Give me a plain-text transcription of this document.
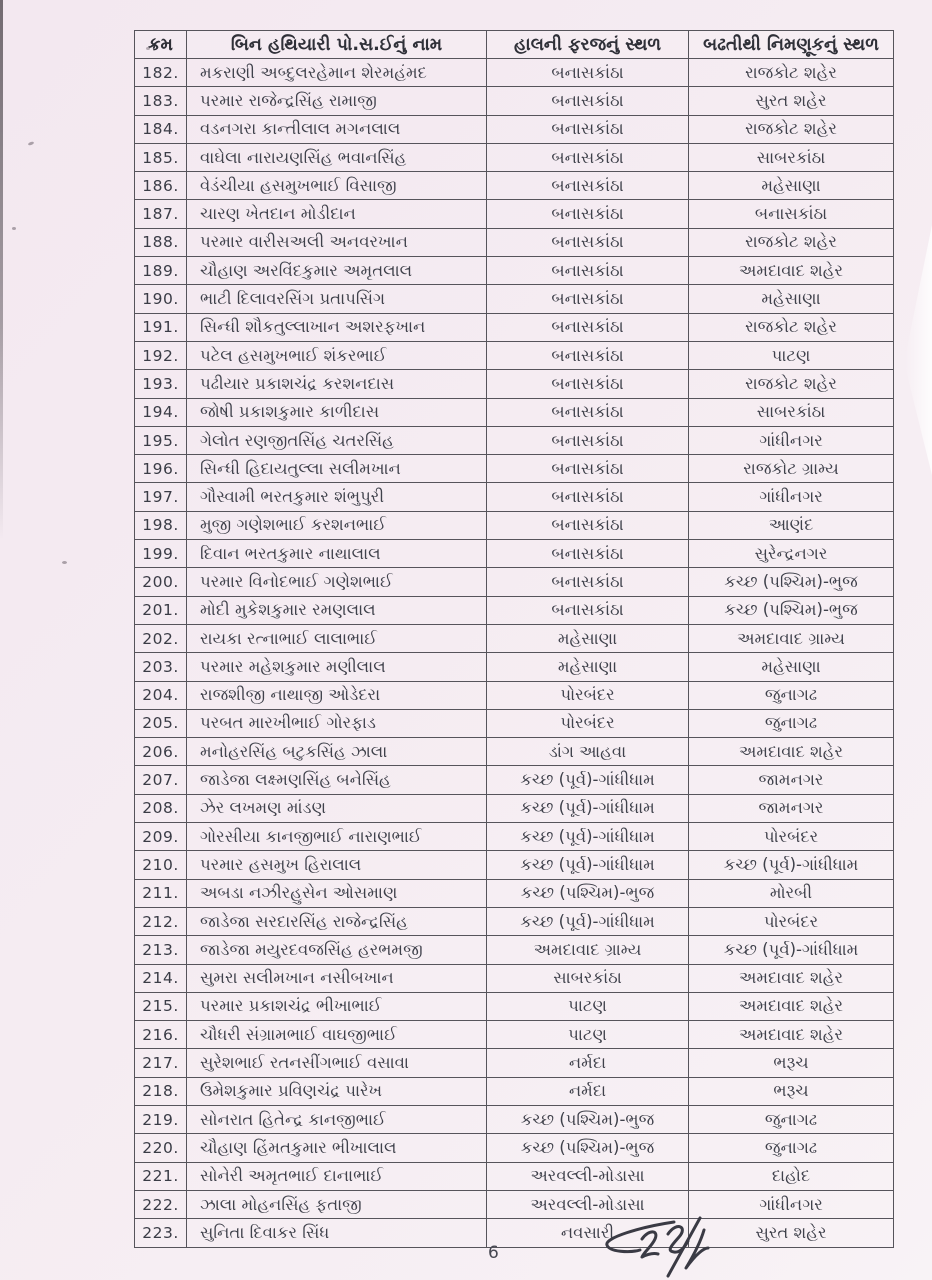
ક્રમ	બિન હથિયારી પો.સ.ઈનું નામ	હાલની ફરજનું સ્થળ	બઢતીથી નિમણૂકનું સ્થળ
182.	મકરાણી અબ્દુલરહેમાન શેરમહંમદ	બનાસકાંઠા	રાજકોટ શહેર
183.	પરમાર રાજેન્દ્રસિંહ રામાજી	બનાસકાંઠા	સુરત શહેર
184.	વડનગરા કાન્તીલાલ મગનલાલ	બનાસકાંઠા	રાજકોટ શહેર
185.	વાઘેલા નારાયણસિંહ ભવાનસિંહ	બનાસકાંઠા	સાબરકાંઠા
186.	વેડંચીયા હસમુખભાઈ વિસાજી	બનાસકાંઠા	મહેસાણા
187.	ચારણ ખેતદાન મોડીદાન	બનાસકાંઠા	બનાસકાંઠા
188.	પરમાર વારીસઅલી અનવરખાન	બનાસકાંઠા	રાજકોટ શહેર
189.	ચૌહાણ અરવિંદકુમાર અમૃતલાલ	બનાસકાંઠા	અમદાવાદ શહેર
190.	ભાટી દિલાવરસિંગ પ્રતાપસિંગ	બનાસકાંઠા	મહેસાણા
191.	સિન્ધી શૌકતુલ્લાખાન અશરફખાન	બનાસકાંઠા	રાજકોટ શહેર
192.	પટેલ હસમુખભાઈ શંકરભાઈ	બનાસકાંઠા	પાટણ
193.	પઢીયાર પ્રકાશચંદ્ર કરશનદાસ	બનાસકાંઠા	રાજકોટ શહેર
194.	જોષી પ્રકાશકુમાર કાળીદાસ	બનાસકાંઠા	સાબરકાંઠા
195.	ગેલોત રણજીતસિંહ ચતરસિંહ	બનાસકાંઠા	ગાંધીનગર
196.	સિન્ધી હિદાયતુલ્લા સલીમખાન	બનાસકાંઠા	રાજકોટ ગ્રામ્ય
197.	ગૌસ્વામી ભરતકુમાર શંભુપુરી	બનાસકાંઠા	ગાંધીનગર
198.	મુજી ગણેશભાઈ કરશનભાઈ	બનાસકાંઠા	આણંદ
199.	દિવાન ભરતકુમાર નાથાલાલ	બનાસકાંઠા	સુરેન્દ્રનગર
200.	પરમાર વિનોદભાઈ ગણેશભાઈ	બનાસકાંઠા	કચ્છ (પશ્ચિમ)-ભુજ
201.	મોદી મુકેશકુમાર રમણલાલ	બનાસકાંઠા	કચ્છ (પશ્ચિમ)-ભુજ
202.	રાયકા રત્નાભાઈ લાલાભાઈ	મહેસાણા	અમદાવાદ ગ્રામ્ય
203.	પરમાર મહેશકુમાર મણીલાલ	મહેસાણા	મહેસાણા
204.	રાજશીજી નાથાજી ઓડેદરા	પોરબંદર	જુનાગઢ
205.	પરબત મારખીભાઈ ગોરફાડ	પોરબંદર	જુનાગઢ
206.	મનોહરસિંહ બટુકસિંહ ઝાલા	ડાંગ આહવા	અમદાવાદ શહેર
207.	જાડેજા લક્ષ્મણસિંહ બનેસિંહ	કચ્છ (પૂર્વ)-ગાંધીધામ	જામનગર
208.	ઝેર લખમણ માંડણ	કચ્છ (પૂર્વ)-ગાંધીધામ	જામનગર
209.	ગોરસીયા કાનજીભાઈ નારાણભાઈ	કચ્છ (પૂર્વ)-ગાંધીધામ	પોરબંદર
210.	પરમાર હસમુખ હિરાલાલ	કચ્છ (પૂર્વ)-ગાંધીધામ	કચ્છ (પૂર્વ)-ગાંધીધામ
211.	અબડા નઝીરહુસેન ઓસમાણ	કચ્છ (પશ્ચિમ)-ભુજ	મોરબી
212.	જાડેજા સરદારસિંહ રાજેન્દ્રસિંહ	કચ્છ (પૂર્વ)-ગાંધીધામ	પોરબંદર
213.	જાડેજા મયુરદવજસિંહ હરભમજી	અમદાવાદ ગ્રામ્ય	કચ્છ (પૂર્વ)-ગાંધીધામ
214.	સુમરા સલીમખાન નસીબખાન	સાબરકાંઠા	અમદાવાદ શહેર
215.	પરમાર પ્રકાશચંદ્ર ભીખાભાઈ	પાટણ	અમદાવાદ શહેર
216.	ચૌધરી સંગ્રામભાઈ વાઘજીભાઈ	પાટણ	અમદાવાદ શહેર
217.	સુરેશભાઈ રતનસીંગભાઈ વસાવા	નર્મદા	ભરૂચ
218.	ઉમેશકુમાર પ્રવિણચંદ્ર પારેખ	નર્મદા	ભરૂચ
219.	સોનરાત હિતેન્દ્ર કાનજીભાઈ	કચ્છ (પશ્ચિમ)-ભુજ	જુનાગઢ
220.	ચૌહાણ હિંમતકુમાર ભીખાલાલ	કચ્છ (પશ્ચિમ)-ભુજ	જુનાગઢ
221.	સોનેરી અમૃતભાઈ દાનાભાઈ	અરવલ્લી-મોડાસા	દાહોદ
222.	ઝાલા મોહનસિંહ ફતાજી	અરવલ્લી-મોડાસા	ગાંધીનગર
223.	સુનિતા દિવાકર સિંધ	નવસારી	સુરત શહેર
6
